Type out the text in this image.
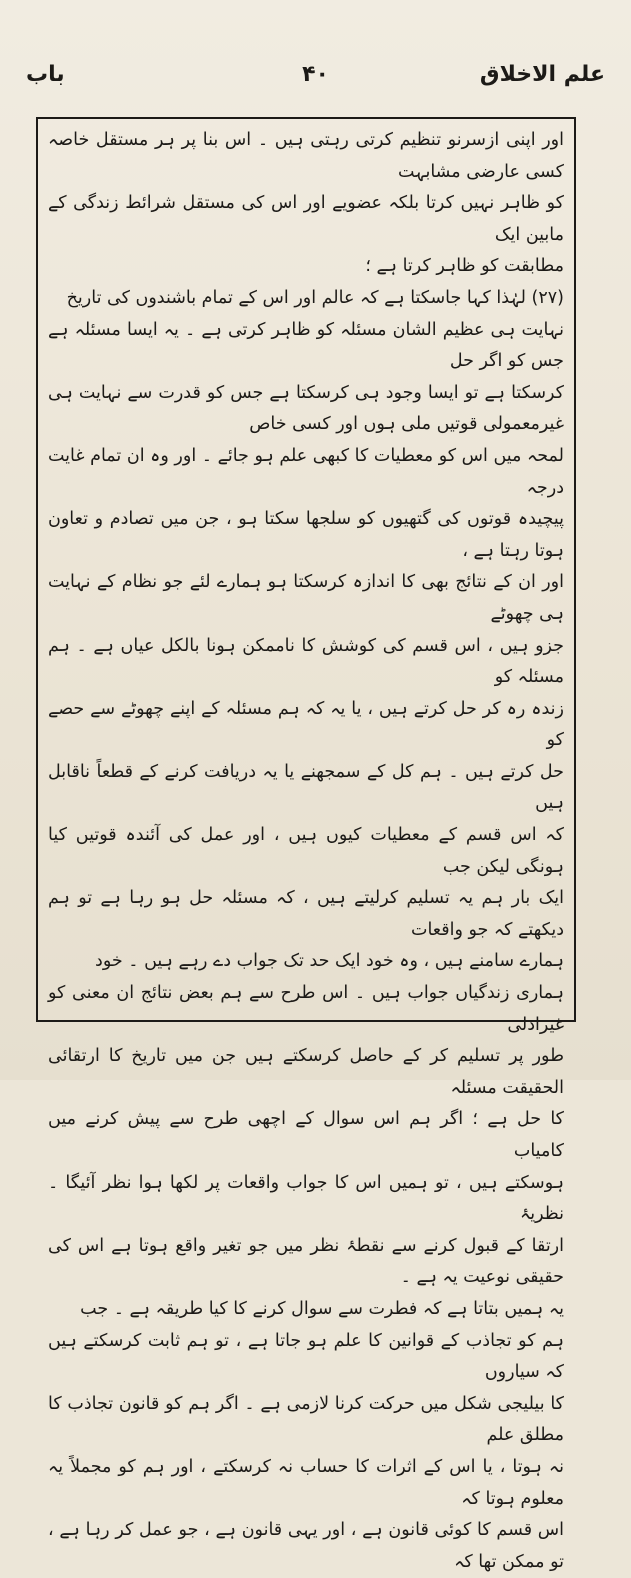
علم الاخلاق
۴۰
باب
اور اپنی ازسرنو تنظیم کرتی رہتی ہیں ۔ اس بنا پر ہر مستقل خاصہ کسی عارضی مشابہت
کو ظاہر نہیں کرتا بلکہ عضویے اور اس کی مستقل شرائط زندگی کے مابین ایک
مطابقت کو ظاہر کرتا ہے ؛
(۲۷) لہٰذا کہا جاسکتا ہے کہ عالم اور اس کے تمام باشندوں کی تاریخ
نہایت ہی عظیم الشان مسئلہ کو ظاہر کرتی ہے ۔ یہ ایسا مسئلہ ہے جس کو اگر حل
کرسکتا ہے تو ایسا وجود ہی کرسکتا ہے جس کو قدرت سے نہایت ہی غیرمعمولی قوتیں ملی ہوں اور کسی خاص
لمحہ میں اس کو معطیات کا کبھی علم ہو جائے ۔ اور وہ ان تمام غایت درجہ
پیچیدہ قوتوں کی گتھیوں کو سلجھا سکتا ہو ، جن میں تصادم و تعاون ہوتا رہتا ہے ،
اور ان کے نتائج بھی کا اندازہ کرسکتا ہو ہمارے لئے جو نظام کے نہایت ہی چھوٹے
جزو ہیں ، اس قسم کی کوشش کا ناممکن ہونا بالکل عیاں ہے ۔ ہم مسئلہ کو
زندہ رہ کر حل کرتے ہیں ، یا یہ کہ ہم مسئلہ کے اپنے چھوٹے سے حصے کو
حل کرتے ہیں ۔ ہم کل کے سمجھنے یا یہ دریافت کرنے کے قطعاً ناقابل ہیں
کہ اس قسم کے معطیات کیوں ہیں ، اور عمل کی آئندہ قوتیں کیا ہونگی لیکن جب
ایک بار ہم یہ تسلیم کرلیتے ہیں ، کہ مسئلہ حل ہو رہا ہے تو ہم دیکھتے کہ جو واقعات
ہمارے سامنے ہیں ، وہ خود ایک حد تک جواب دے رہے ہیں ۔ خود
ہماری زندگیاں جواب ہیں ۔ اس طرح سے ہم بعض نتائج ان معنی کو غیرادلی
طور پر تسلیم کر کے حاصل کرسکتے ہیں جن میں تاریخ کا ارتقائی الحقیقت مسئلہ
کا حل ہے ؛ اگر ہم اس سوال کے اچھی طرح سے پیش کرنے میں کامیاب
ہوسکتے ہیں ، تو ہمیں اس کا جواب واقعات پر لکھا ہوا نظر آئیگا ۔ نظریۂ
ارتقا کے قبول کرنے سے نقطۂ نظر میں جو تغیر واقع ہوتا ہے اس کی حقیقی نوعیت یہ ہے ۔
یہ ہمیں بتاتا ہے کہ فطرت سے سوال کرنے کا کیا طریقہ ہے ۔ جب
ہم کو تجاذب کے قوانین کا علم ہو جاتا ہے ، تو ہم ثابت کرسکتے ہیں کہ سیاروں
کا بیلیجی شکل میں حرکت کرنا لازمی ہے ۔ اگر ہم کو قانون تجاذب کا مطلق علم
نہ ہوتا ، یا اس کے اثرات کا حساب نہ کرسکتے ، اور ہم کو مجملاً یہ معلوم ہوتا کہ
اس قسم کا کوئی قانون ہے ، اور یہی قانون ہے ، جو عمل کر رہا ہے ، تو ممکن تھا کہ
